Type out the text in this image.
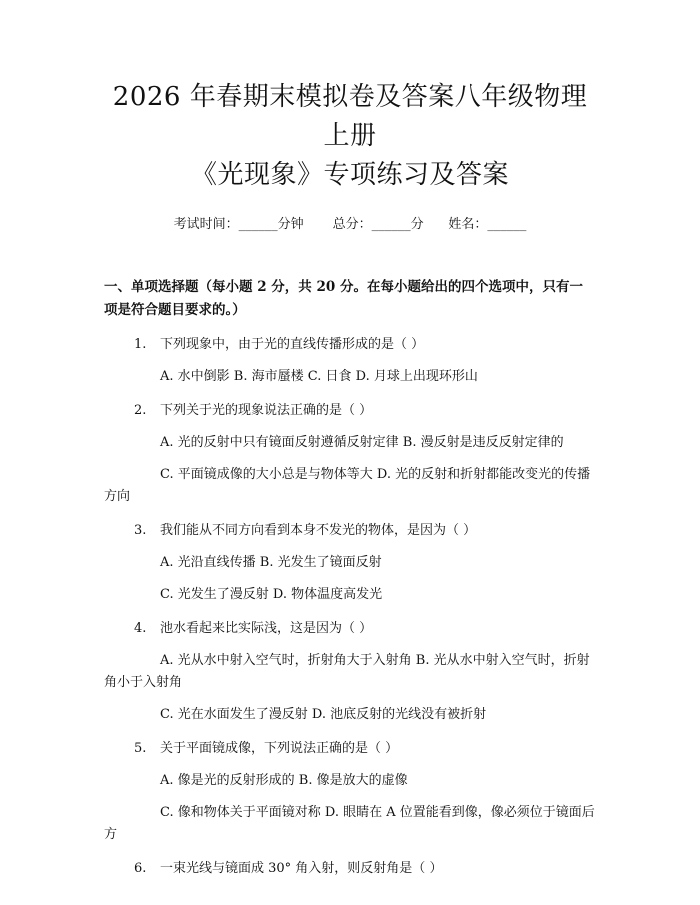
2026 年春期末模拟卷及答案八年级物理上册
《光现象》专项练习及答案
考试时间：______分钟 总分：______分 姓名：______
一、单项选择题（每小题 2 分，共 20 分。在每小题给出的四个选项中，只有一项是符合题目要求的。）
1. 下列现象中，由于光的直线传播形成的是（ ）
A. 水中倒影 B. 海市蜃楼 C. 日食 D. 月球上出现环形山
2. 下列关于光的现象说法正确的是（ ）
A. 光的反射中只有镜面反射遵循反射定律 B. 漫反射是违反反射定律的
C. 平面镜成像的大小总是与物体等大 D. 光的反射和折射都能改变光的传播方向
3. 我们能从不同方向看到本身不发光的物体，是因为（ ）
A. 光沿直线传播 B. 光发生了镜面反射
C. 光发生了漫反射 D. 物体温度高发光
4. 池水看起来比实际浅，这是因为（ ）
A. 光从水中射入空气时，折射角大于入射角 B. 光从水中射入空气时，折射角小于入射角
C. 光在水面发生了漫反射 D. 池底反射的光线没有被折射
5. 关于平面镜成像，下列说法正确的是（ ）
A. 像是光的反射形成的 B. 像是放大的虚像
C. 像和物体关于平面镜对称 D. 眼睛在 A 位置能看到像，像必须位于镜面后方
6. 一束光线与镜面成 30° 角入射，则反射角是（ ）
